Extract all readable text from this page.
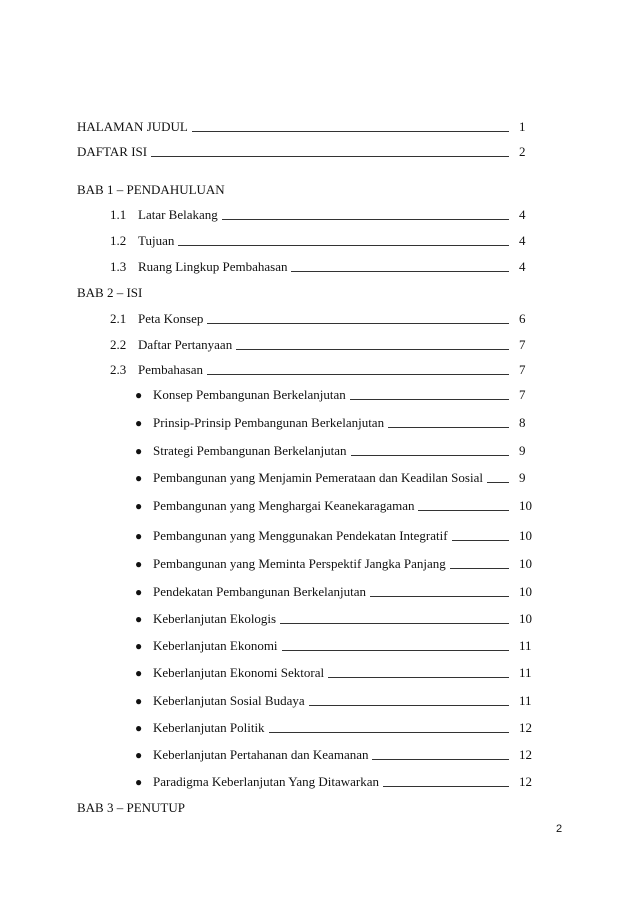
HALAMAN JUDUL	1
DAFTAR ISI	2
BAB 1 – PENDAHULUAN
1.1 Latar Belakang	4
1.2 Tujuan	4
1.3 Ruang Lingkup Pembahasan	4
BAB 2 – ISI
2.1 Peta Konsep	6
2.2 Daftar Pertanyaan	7
2.3 Pembahasan	7
● Konsep Pembangunan Berkelanjutan	7
● Prinsip-Prinsip Pembangunan Berkelanjutan	8
● Strategi Pembangunan Berkelanjutan	9
● Pembangunan yang Menjamin Pemerataan dan Keadilan Sosial	9
● Pembangunan yang Menghargai Keanekaragaman	10
● Pembangunan yang Menggunakan Pendekatan Integratif	10
● Pembangunan yang Meminta Perspektif Jangka Panjang	10
● Pendekatan Pembangunan Berkelanjutan	10
● Keberlanjutan Ekologis	10
● Keberlanjutan Ekonomi	11
● Keberlanjutan Ekonomi Sektoral	11
● Keberlanjutan Sosial Budaya	11
● Keberlanjutan Politik	12
● Keberlanjutan Pertahanan dan Keamanan	12
● Paradigma Keberlanjutan Yang Ditawarkan	12
BAB 3 – PENUTUP
2
